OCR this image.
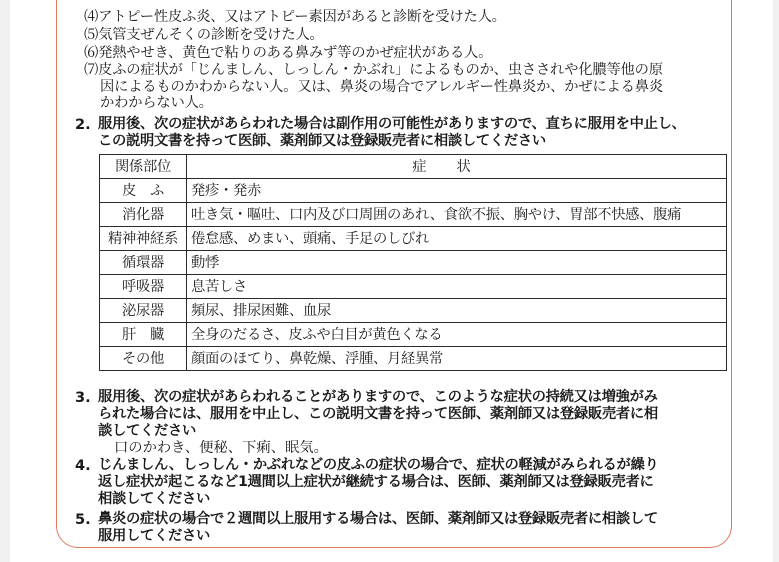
⑷アトピー性皮ふ炎、又はアトピー素因があると診断を受けた人。
⑸気管支ぜんそくの診断を受けた人。
⑹発熱やせき、黄色で粘りのある鼻みず等のかぜ症状がある人。
⑺皮ふの症状が「じんましん、しっしん・かぶれ」によるものか、虫さされや化膿等他の原
因によるものかわからない人。又は、鼻炎の場合でアレルギー性鼻炎か、かぜによる鼻炎
かわからない人。
2. 服用後、次の症状があらわれた場合は副作用の可能性がありますので、直ちに服用を中止し、
この説明文書を持って医師、薬剤師又は登録販売者に相談してください
関係部位	症状
皮　ふ	発疹・発赤
消化器	吐き気・嘔吐、口内及び口周囲のあれ、食欲不振、胸やけ、胃部不快感、腹痛
精神神経系	倦怠感、めまい、頭痛、手足のしびれ
循環器	動悸
呼吸器	息苦しさ
泌尿器	頻尿、排尿困難、血尿
肝　臓	全身のだるさ、皮ふや白目が黄色くなる
その他	顔面のほてり、鼻乾燥、浮腫、月経異常
3. 服用後、次の症状があらわれることがありますので、このような症状の持続又は増強がみ
られた場合には、服用を中止し、この説明文書を持って医師、薬剤師又は登録販売者に相
談してください
口のかわき、便秘、下痢、眠気。
4. じんましん、しっしん・かぶれなどの皮ふの症状の場合で、症状の軽減がみられるが繰り
返し症状が起こるなど1週間以上症状が継続する場合は、医師、薬剤師又は登録販売者に
相談してください
5. 鼻炎の症状の場合で２週間以上服用する場合は、医師、薬剤師又は登録販売者に相談して
服用してください
